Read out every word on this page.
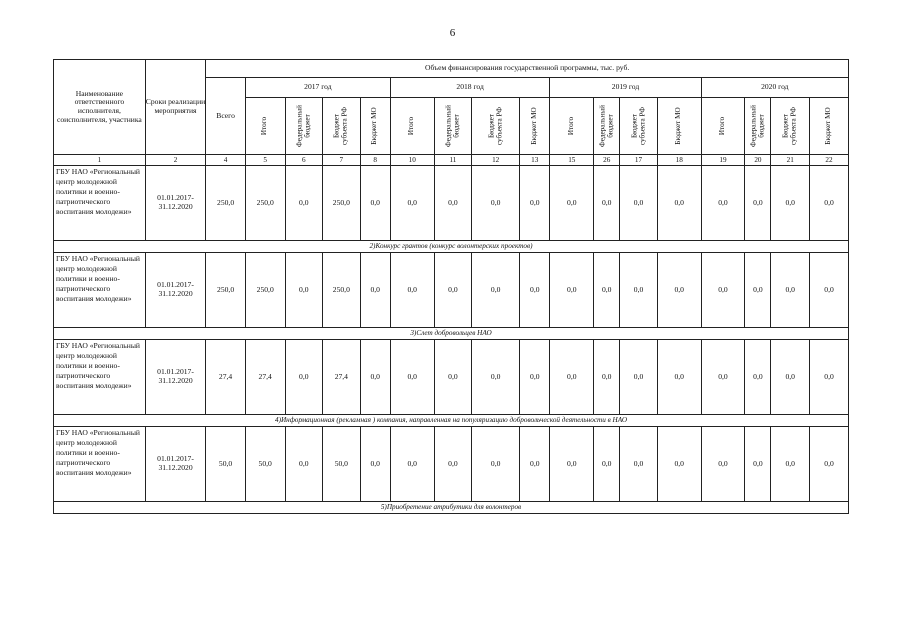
6
Наименование ответственного исполнителя, соисполнителя, участника	Сроки реализации мероприятия	Объем финансирования государственной программы, тыс. руб.																
		Всего	2017 год				2018 год				2019 год				2020 год			

			Итого	Федеральный бюджет	Бюджет субъекта РФ	Бюджет МО	Итого	Федеральный бюджет	Бюджет субъекта РФ	Бюджет МО	Итого	Федеральный бюджет	Бюджет субъекта РФ	Бюджет МО	Итого	Федеральный бюджет	Бюджет субъекта РФ	Бюджет МО

1	2	4	5	6	7	8	10	11	12	13	15	26	17	18	19	20	21	22
ГБУ НАО «Региональный центр молодежной политики и военно-патриотического воспитания молодежи»	01.01.2017-31.12.2020	250,0	250,0	0,0	250,0	0,0	0,0	0,0	0,0	0,0	0,0	0,0	0,0	0,0	0,0	0,0	0,0	0,0
2)Конкурс грантов (конкурс волонтерских проектов)																		
ГБУ НАО «Региональный центр молодежной политики и военно-патриотического воспитания молодежи»	01.01.2017-31.12.2020	250,0	250,0	0,0	250,0	0,0	0,0	0,0	0,0	0,0	0,0	0,0	0,0	0,0	0,0	0,0	0,0	0,0
3)Слет добровольцев НАО																		
ГБУ НАО «Региональный центр молодежной политики и военно-патриотического воспитания молодежи»	01.01.2017-31.12.2020	27,4	27,4	0,0	27,4	0,0	0,0	0,0	0,0	0,0	0,0	0,0	0,0	0,0	0,0	0,0	0,0	0,0
4)Информационная (рекламная ) компания, направленная на популяризацию добровольческой деятельности в НАО																		
ГБУ НАО «Региональный центр молодежной политики и военно-патриотического воспитания молодежи»	01.01.2017-31.12.2020	50,0	50,0	0,0	50,0	0,0	0,0	0,0	0,0	0,0	0,0	0,0	0,0	0,0	0,0	0,0	0,0	0,0
5)Приобретение атрибутики для волонтеров																		
